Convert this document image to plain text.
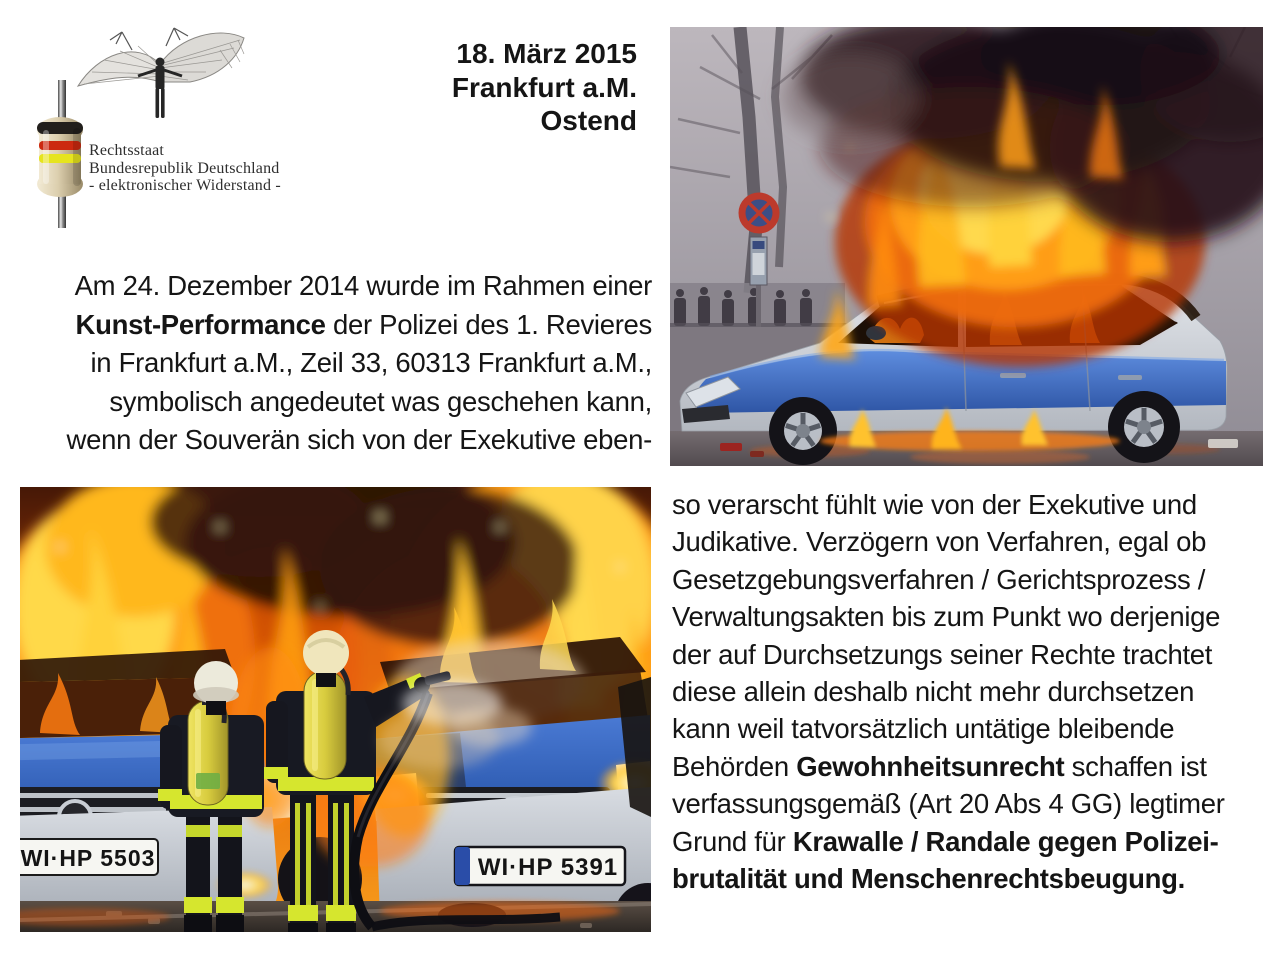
Rechtsstaat
Bundesrepublik Deutschland
- elektronischer Widerstand -
18. März 2015
Frankfurt a.M.
Ostend
Am 24. Dezember 2014 wurde im Rahmen einer
Kunst-Performance der Polizei des 1. Revieres
in Frankfurt a.M., Zeil 33, 60313 Frankfurt a.M.,
symbolisch angedeutet was geschehen kann,
wenn der Souverän sich von der Exekutive eben-
WI·HP 5503	WI·HP 5391
so verarscht fühlt wie von der Exekutive und
Judikative. Verzögern von Verfahren, egal ob
Gesetzgebungsverfahren / Gerichtsprozess /
Verwaltungsakten bis zum Punkt wo derjenige
der auf Durchsetzungs seiner Rechte trachtet
diese allein deshalb nicht mehr durchsetzen
kann weil tatvorsätzlich untätige bleibende
Behörden Gewohnheitsunrecht schaffen ist
verfassungsgemäß (Art 20 Abs 4 GG) legtimer
Grund für Krawalle / Randale gegen Polizei-
brutalität und Menschenrechtsbeugung.
